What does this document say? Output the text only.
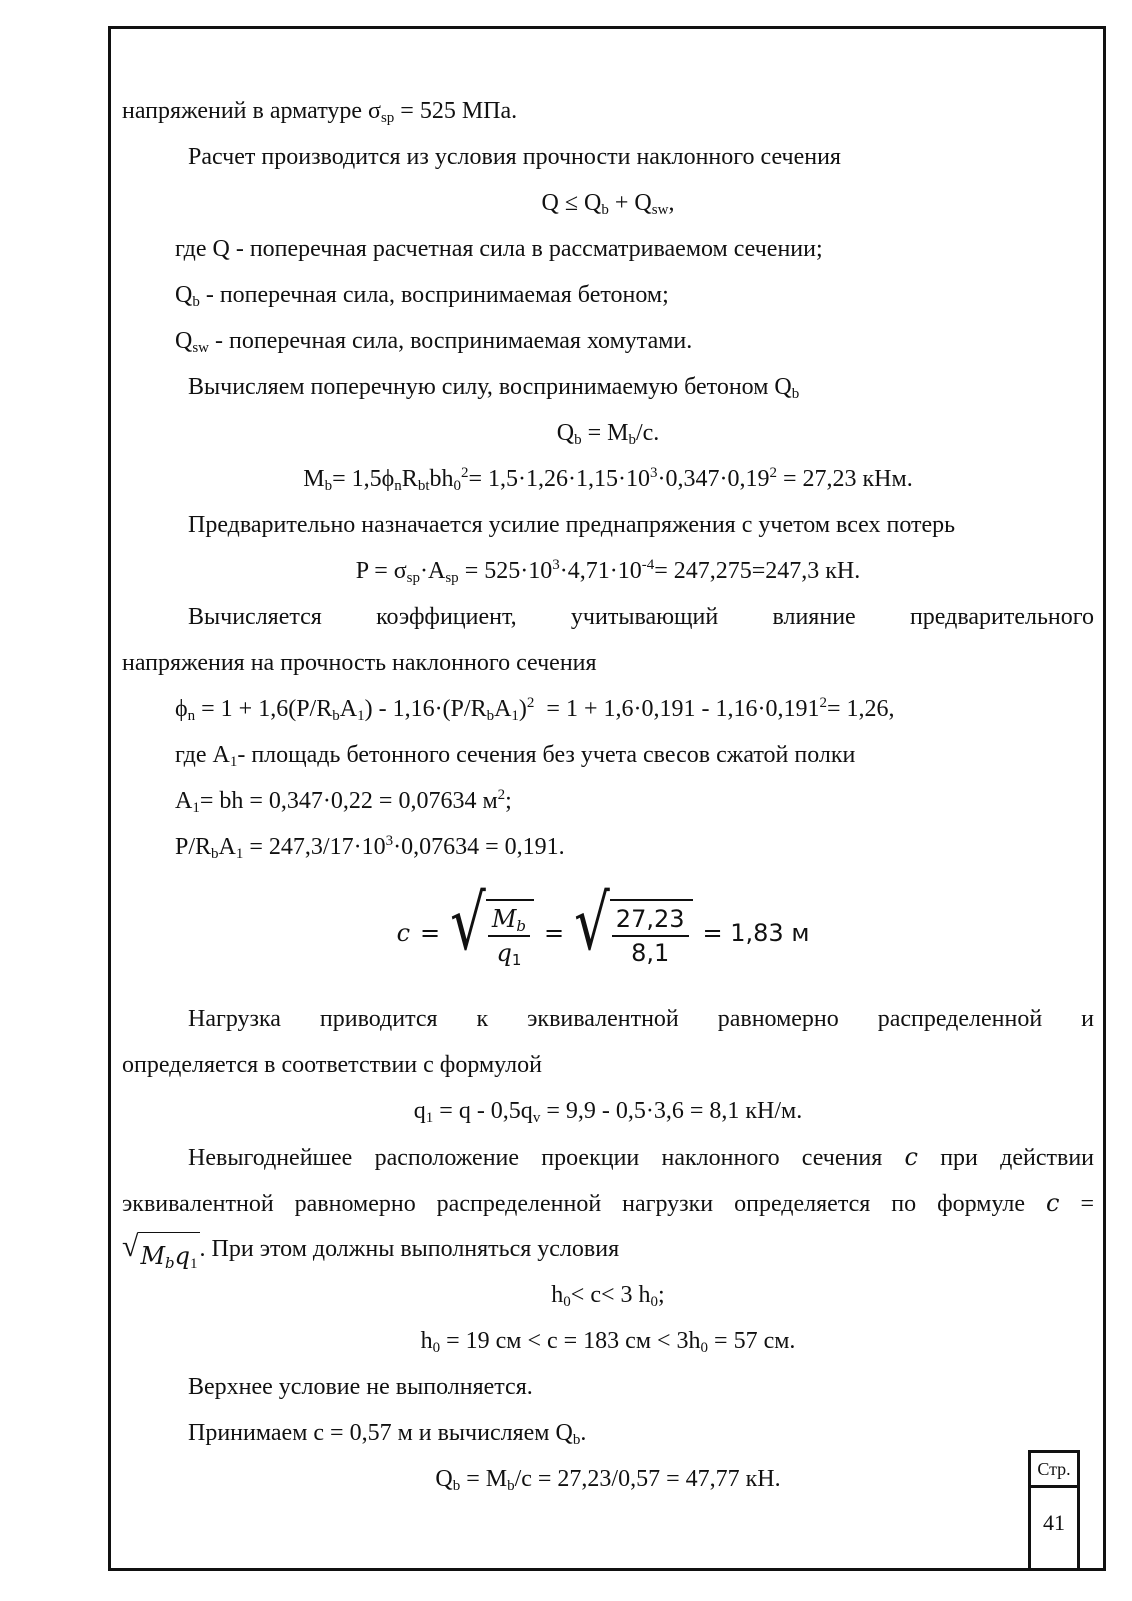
напряжений в арматуре $\sigma_{sp} = 525$ МПа.
Расчет производится из условия прочности наклонного сечения
$Q \le Q_b + Q_{sw}$,
где Q - поперечная расчетная сила в рассматриваемом сечении;
$Q_b$ - поперечная сила, воспринимаемая бетоном;
$Q_{sw}$ - поперечная сила, воспринимаемая хомутами.
Вычисляем поперечную силу, воспринимаемую бетоном $Q_b$
$Q_b = M_b/c$.
$M_b= 1,5\phi_nR_{bt}bh_0^2= 1,5\cdot 1,26\cdot 1,15\cdot 10^3\cdot 0,347\cdot 0,19^2 = 27,23$ кНм.
Предварительно назначается усилие преднапряжения с учетом всех потерь
$P = \sigma_{sp}\cdot A_{sp} = 525\cdot 10^3\cdot 4,71\cdot 10^{-4}= 247,275=247,3$ кН.
Вычисляется коэффициент, учитывающий влияние предварительного
напряжения на прочность наклонного сечения
$\phi_n = 1 + 1,6(P/R_bA_1) - 1,16\cdot(P/R_bA_1)^2 = 1 + 1,6\cdot 0,191 - 1,16\cdot 0,191^2= 1,26$,
где $A_1-$ площадь бетонного сечения без учета свесов сжатой полки
$A_1=$ bh = 0,347·0,22 = 0,07634 $м^2$;
$P/R_bA_1 = 247,3/17\cdot 10^3\cdot 0,07634 = 0,191$.
c = √ $\frac{M_b}{q_1}$ = √ $\frac{27,23}{8,1} = 1,83$ м
Нагрузка приводится к эквивалентной равномерно распределенной и
определяется в соответствии с формулой
$q_1 = q - 0,5q_v = 9,9 - 0,5\cdot 3,6 = 8,1$ кН/м.
Невыгоднейшее расположение проекции наклонного сечения c при действии
эквивалентной равномерно распределенной нагрузки определяется по формуле c =
√ $M_bq_1$
. При этом должны выполняться условия
$h_0< c< 3$ $h_0$;
$h_0 = 19$ см < c = 183 см < $3h_0 = 57$ см.
Верхнее условие не выполняется.
Принимаем с = 0,57 м и вычисляем $Q_b$.
$Q_b = M_b/c = 27,23/0,57 = 47,77$ кН.	Стр.
41
